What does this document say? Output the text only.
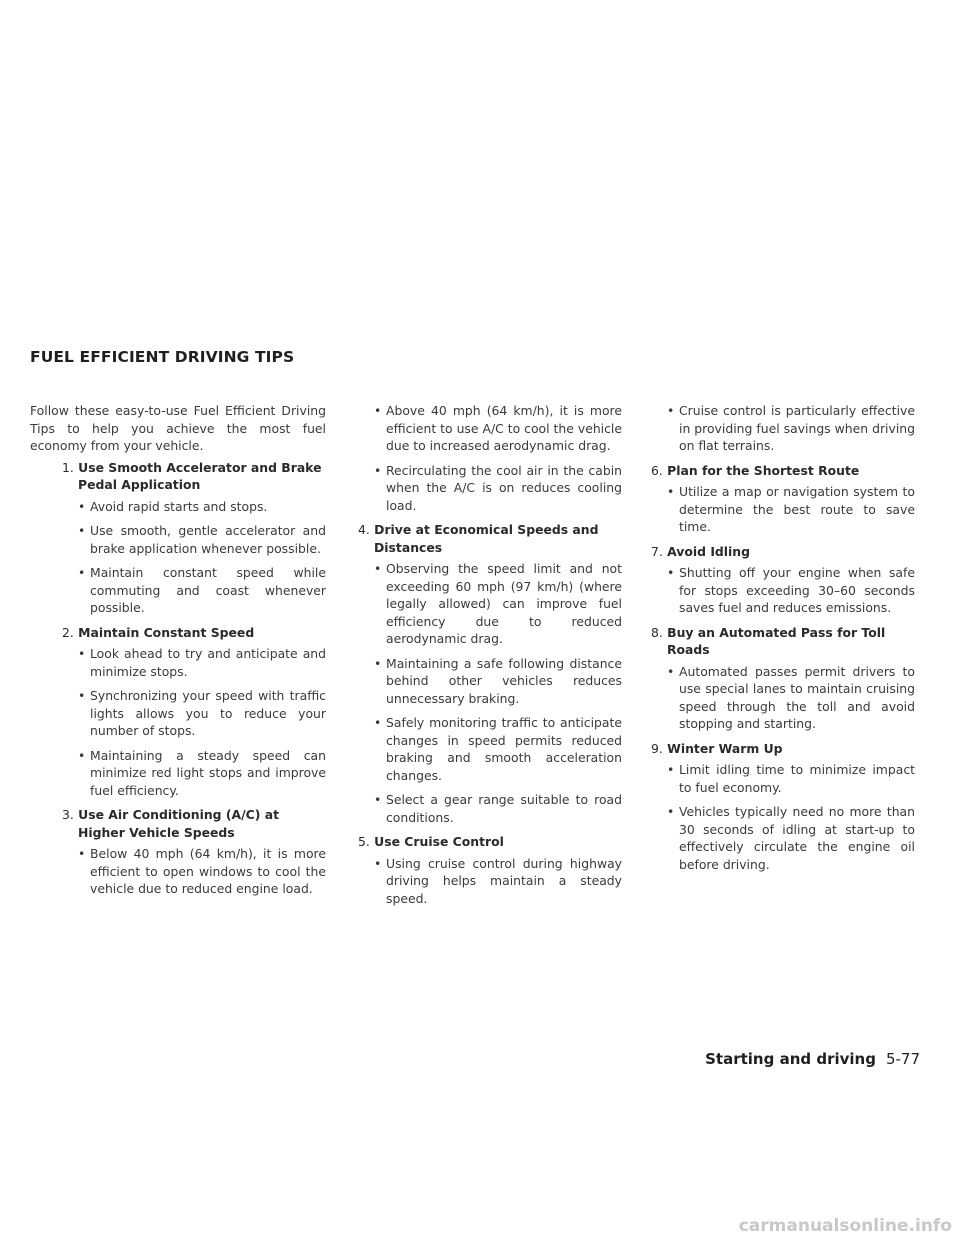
FUEL EFFICIENT DRIVING TIPS

Follow these easy-to-use Fuel Efficient Driving Tips to help you achieve the most fuel economy from your vehicle.

1. Use Smooth Accelerator and Brake Pedal Application
• Avoid rapid starts and stops.
• Use smooth, gentle accelerator and brake application whenever possible.
• Maintain constant speed while commuting and coast whenever possible.
2. Maintain Constant Speed
• Look ahead to try and anticipate and minimize stops.
• Synchronizing your speed with traffic lights allows you to reduce your number of stops.
• Maintaining a steady speed can minimize red light stops and improve fuel efficiency.
3. Use Air Conditioning (A/C) at Higher Vehicle Speeds
• Below 40 mph (64 km/h), it is more efficient to open windows to cool the vehicle due to reduced engine load.
• Above 40 mph (64 km/h), it is more efficient to use A/C to cool the vehicle due to increased aerodynamic drag.
• Recirculating the cool air in the cabin when the A/C is on reduces cooling load.
4. Drive at Economical Speeds and Distances
• Observing the speed limit and not exceeding 60 mph (97 km/h) (where legally allowed) can improve fuel efficiency due to reduced aerodynamic drag.
• Maintaining a safe following distance behind other vehicles reduces unnecessary braking.
• Safely monitoring traffic to anticipate changes in speed permits reduced braking and smooth acceleration changes.
• Select a gear range suitable to road conditions.
5. Use Cruise Control
• Using cruise control during highway driving helps maintain a steady speed.
• Cruise control is particularly effective in providing fuel savings when driving on flat terrains.
6. Plan for the Shortest Route
• Utilize a map or navigation system to determine the best route to save time.
7. Avoid Idling
• Shutting off your engine when safe for stops exceeding 30–60 seconds saves fuel and reduces emissions.
8. Buy an Automated Pass for Toll Roads
• Automated passes permit drivers to use special lanes to maintain cruising speed through the toll and avoid stopping and starting.
9. Winter Warm Up
• Limit idling time to minimize impact to fuel economy.
• Vehicles typically need no more than 30 seconds of idling at start-up to effectively circulate the engine oil before driving.
Starting and driving 5-77
carmanualsonline.info
